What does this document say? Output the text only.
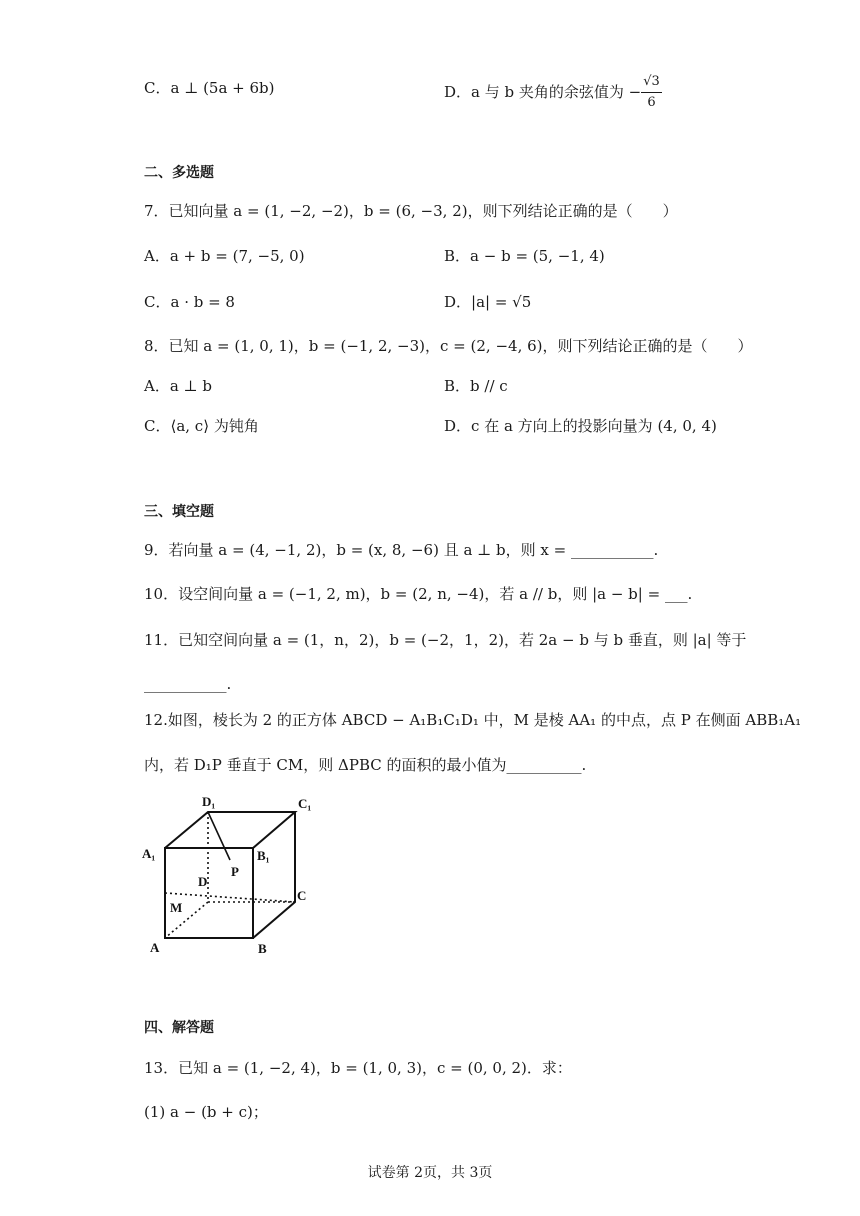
C．a ⊥ (5a + 6b)	D．a 与 b 夹角的余弦值为 − $\frac{√3}{6}$
二、多选题
7．已知向量 a = (1, −2, −2)，b = (6, −3, 2)，则下列结论正确的是（　　）
A．a + b = (7, −5, 0)	B．a − b = (5, −1, 4)
C．a · b = 8	D．|a| = √5
8．已知 a = (1, 0, 1)，b = (−1, 2, −3)，c = (2, −4, 6)，则下列结论正确的是（　　）
A．a ⊥ b	B．b // c
C．⟨a, c⟩ 为钝角	D．c 在 a 方向上的投影向量为 (4, 0, 4)
三、填空题
9．若向量 a = (4, −1, 2)，b = (x, 8, −6) 且 a ⊥ b，则 x = ___________.
10．设空间向量 a = (−1, 2, m)，b = (2, n, −4)，若 a // b，则 |a − b| = ___.
11．已知空间向量 a = (1，n，2)，b = (−2，1，2)，若 2a − b 与 b 垂直，则 |a| 等于
___________.
12.如图，棱长为 2 的正方体 ABCD − A₁B₁C₁D₁ 中，M 是棱 AA₁ 的中点，点 P 在侧面 ABB₁A₁
内，若 D₁P 垂直于 CM，则 ΔPBC 的面积的最小值为__________.
D₁	C₁
A₁	B₁
P
D
C
M
A	B
四、解答题
13．已知 a = (1, −2, 4)，b = (1, 0, 3)，c = (0, 0, 2)．求：
(1) a − (b + c)；
试卷第 2页，共 3页
